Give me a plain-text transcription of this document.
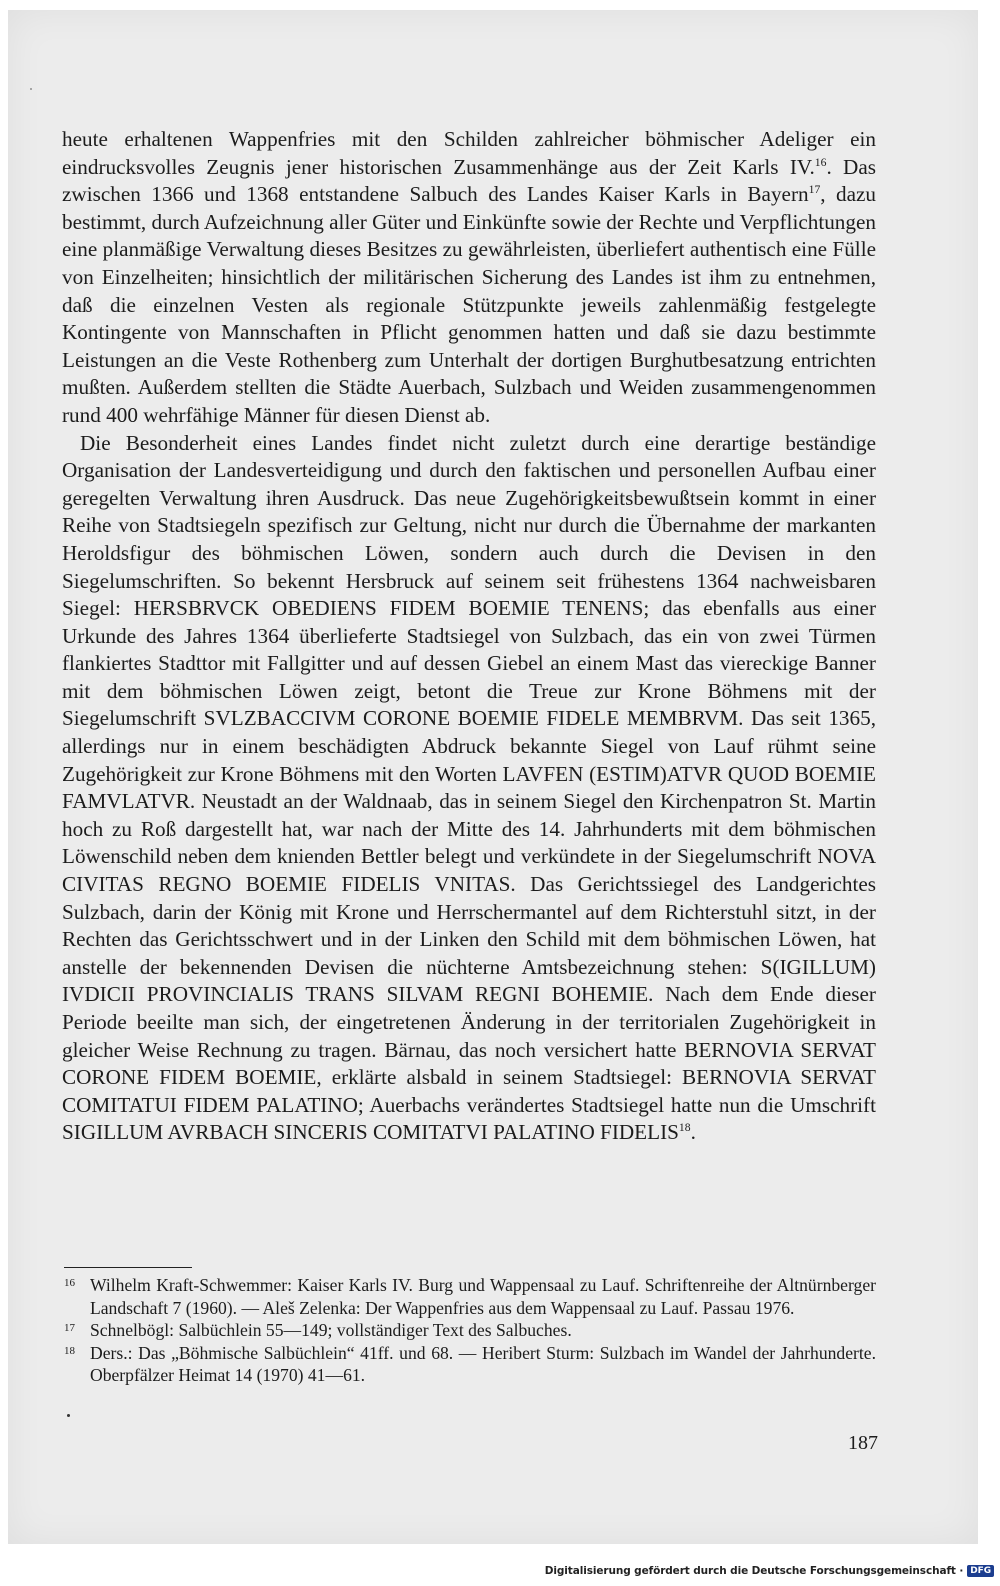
heute erhaltenen Wappenfries mit den Schilden zahlreicher böhmischer Adeliger ein eindrucksvolles Zeugnis jener historischen Zusammenhänge aus der Zeit Karls IV.$^{16}$. Das zwischen 1366 und 1368 entstandene Salbuch des Landes Kaiser Karls in Bayern$^{17}$, dazu bestimmt, durch Aufzeichnung aller Güter und Einkünfte sowie der Rechte und Verpflichtungen eine planmäßige Verwaltung dieses Besitzes zu gewährleisten, überliefert authentisch eine Fülle von Einzelheiten; hinsichtlich der militärischen Sicherung des Landes ist ihm zu entnehmen, daß die einzelnen Vesten als regionale Stützpunkte jeweils zahlenmäßig festgelegte Kontingente von Mannschaften in Pflicht genommen hatten und daß sie dazu bestimmte Leistungen an die Veste Rothenberg zum Unterhalt der dortigen Burghutbesatzung entrichten mußten. Außerdem stellten die Städte Auerbach, Sulzbach und Weiden zusammengenommen rund 400 wehrfähige Männer für diesen Dienst ab.

Die Besonderheit eines Landes findet nicht zuletzt durch eine derartige beständige Organisation der Landesverteidigung und durch den faktischen und personellen Aufbau einer geregelten Verwaltung ihren Ausdruck. Das neue Zugehörigkeitsbewußtsein kommt in einer Reihe von Stadtsiegeln spezifisch zur Geltung, nicht nur durch die Übernahme der markanten Heroldsfigur des böhmischen Löwen, sondern auch durch die Devisen in den Siegelumschriften. So bekennt Hersbruck auf seinem seit frühestens 1364 nachweisbaren Siegel: HERSBRVCK OBEDIENS FIDEM BOEMIE TENENS; das ebenfalls aus einer Urkunde des Jahres 1364 überlieferte Stadtsiegel von Sulzbach, das ein von zwei Türmen flankiertes Stadttor mit Fallgitter und auf dessen Giebel an einem Mast das viereckige Banner mit dem böhmischen Löwen zeigt, betont die Treue zur Krone Böhmens mit der Siegelumschrift SVLZBACCIVM CORONE BOEMIE FIDELE MEMBRVM. Das seit 1365, allerdings nur in einem beschädigten Abdruck bekannte Siegel von Lauf rühmt seine Zugehörigkeit zur Krone Böhmens mit den Worten LAVFEN (ESTIM)ATVR QUOD BOEMIE FAMVLATVR. Neustadt an der Waldnaab, das in seinem Siegel den Kirchenpatron St. Martin hoch zu Roß dargestellt hat, war nach der Mitte des 14. Jahrhunderts mit dem böhmischen Löwenschild neben dem knienden Bettler belegt und verkündete in der Siegelumschrift NOVA CIVITAS REGNO BOEMIE FIDELIS VNITAS. Das Gerichtssiegel des Landgerichtes Sulzbach, darin der König mit Krone und Herrschermantel auf dem Richterstuhl sitzt, in der Rechten das Gerichtsschwert und in der Linken den Schild mit dem böhmischen Löwen, hat anstelle der bekennenden Devisen die nüchterne Amtsbezeichnung stehen: S(IGILLUM) IVDICII PROVINCIALIS TRANS SILVAM REGNI BOHEMIE. Nach dem Ende dieser Periode beeilte man sich, der eingetretenen Änderung in der territorialen Zugehörigkeit in gleicher Weise Rechnung zu tragen. Bärnau, das noch versichert hatte BERNOVIA SERVAT CORONE FIDEM BOEMIE, erklärte alsbald in seinem Stadtsiegel: BERNOVIA SERVAT COMITATUI FIDEM PALATINO; Auerbachs verändertes Stadtsiegel hatte nun die Umschrift SIGILLUM AVRBACH SINCERIS COMITATVI PALATINO FIDELIS$^{18}$.

16 Wilhelm Kraft-Schwemmer: Kaiser Karls IV. Burg und Wappensaal zu Lauf. Schriftenreihe der Altnürnberger Landschaft 7 (1960). — Aleš Zelenka: Der Wappenfries aus dem Wappensaal zu Lauf. Passau 1976.

17 Schnelbögl: Salbüchlein 55—149; vollständiger Text des Salbuches.

18 Ders.: Das „Böhmische Salbüchlein“ 41ff. und 68. — Heribert Sturm: Sulzbach im Wandel der Jahrhunderte. Oberpfälzer Heimat 14 (1970) 41—61.

187
Digitalisierung gefördert durch die Deutsche Forschungsgemeinschaft · DFG
